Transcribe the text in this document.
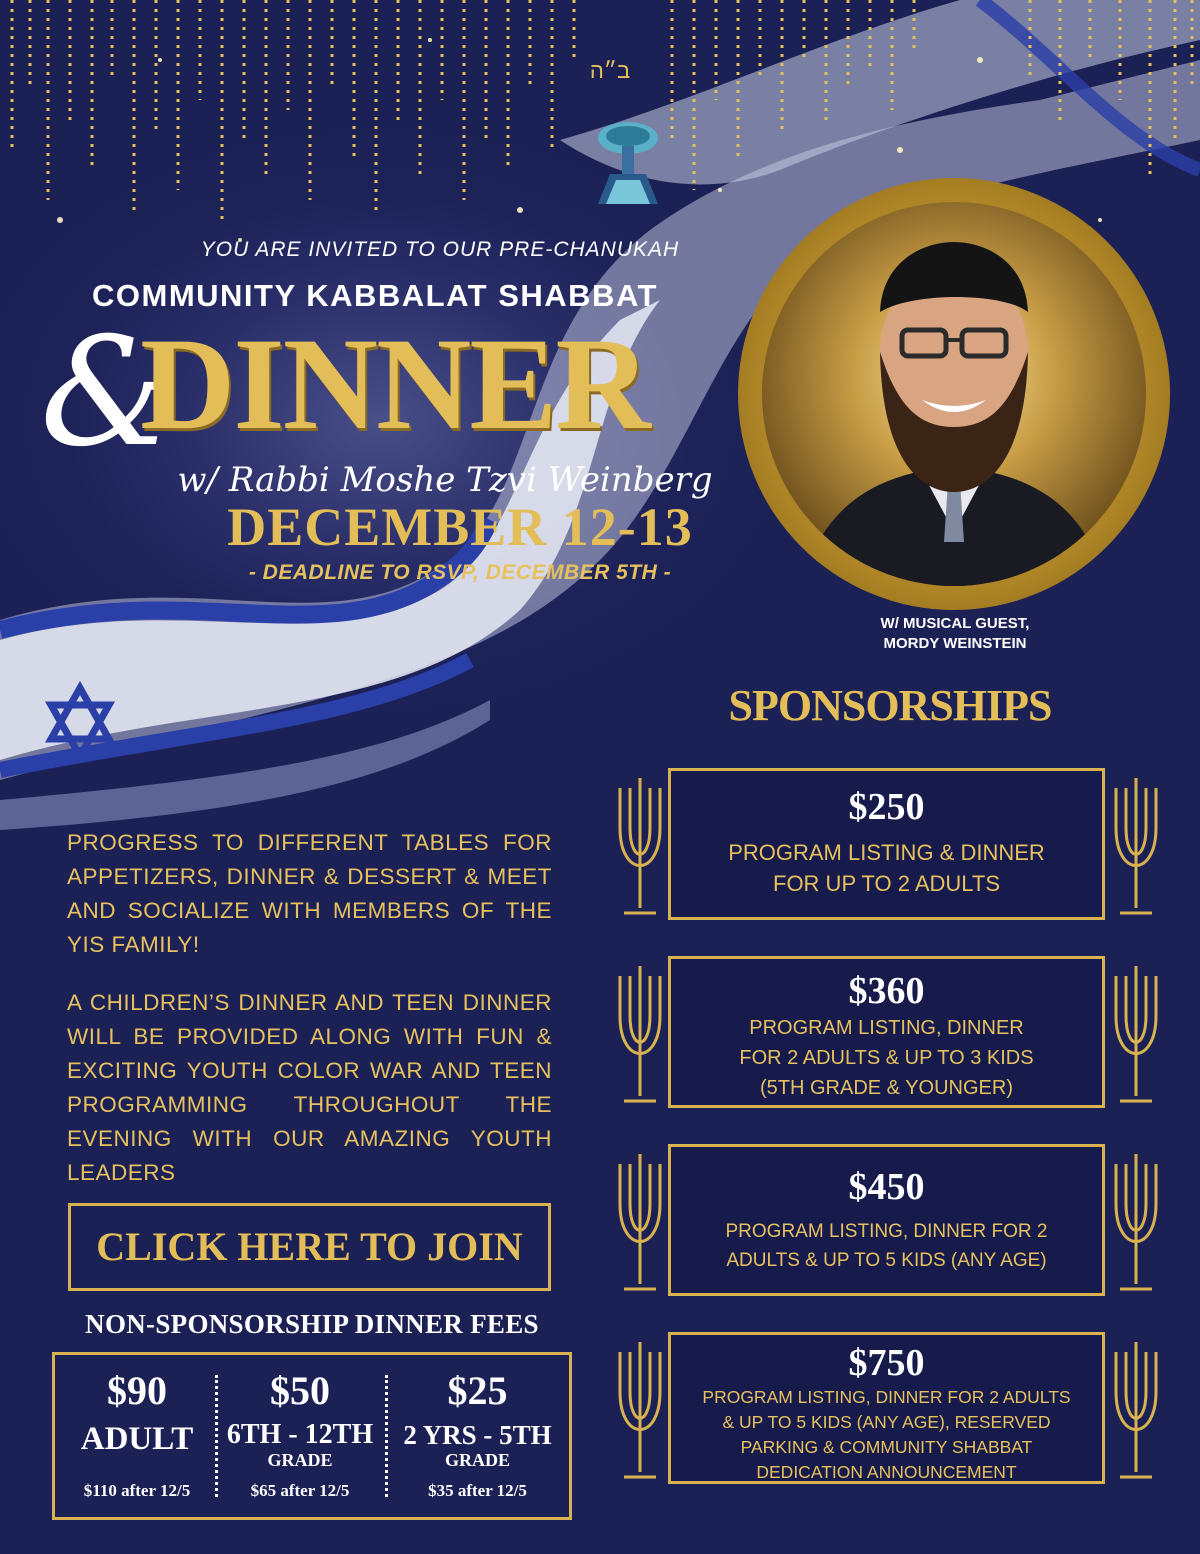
ב״ה
YOU ARE INVITED TO OUR PRE-CHANUKAH
COMMUNITY KABBALAT SHABBAT
&
DINNER
w/ Rabbi Moshe Tzvi Weinberg
DECEMBER 12-13
- DEADLINE TO RSVP, DECEMBER 5TH -
W/ MUSICAL GUEST,
MORDY WEINSTEIN
SPONSORSHIPS
$250
PROGRAM LISTING & DINNER
FOR UP TO 2 ADULTS
$360
PROGRAM LISTING, DINNER
FOR 2 ADULTS & UP TO 3 KIDS
(5TH GRADE & YOUNGER)
$450
PROGRAM LISTING, DINNER FOR 2
ADULTS & UP TO 5 KIDS (ANY AGE)
$750
PROGRAM LISTING, DINNER FOR 2 ADULTS
& UP TO 5 KIDS (ANY AGE), RESERVED
PARKING & COMMUNITY SHABBAT
DEDICATION ANNOUNCEMENT
PROGRESS TO DIFFERENT TABLES FOR APPETIZERS, DINNER & DESSERT & MEET AND SOCIALIZE WITH MEMBERS OF THE YIS FAMILY!
A CHILDREN’S DINNER AND TEEN DINNER WILL BE PROVIDED ALONG WITH FUN & EXCITING YOUTH COLOR WAR AND TEEN PROGRAMMING THROUGHOUT THE EVENING WITH OUR AMAZING YOUTH LEADERS
CLICK HERE TO JOIN
NON-SPONSORSHIP DINNER FEES
$90
ADULT
$110 after 12/5
$50
6TH - 12TH
GRADE
$65 after 12/5
$25
2 YRS - 5TH
GRADE
$35 after 12/5
